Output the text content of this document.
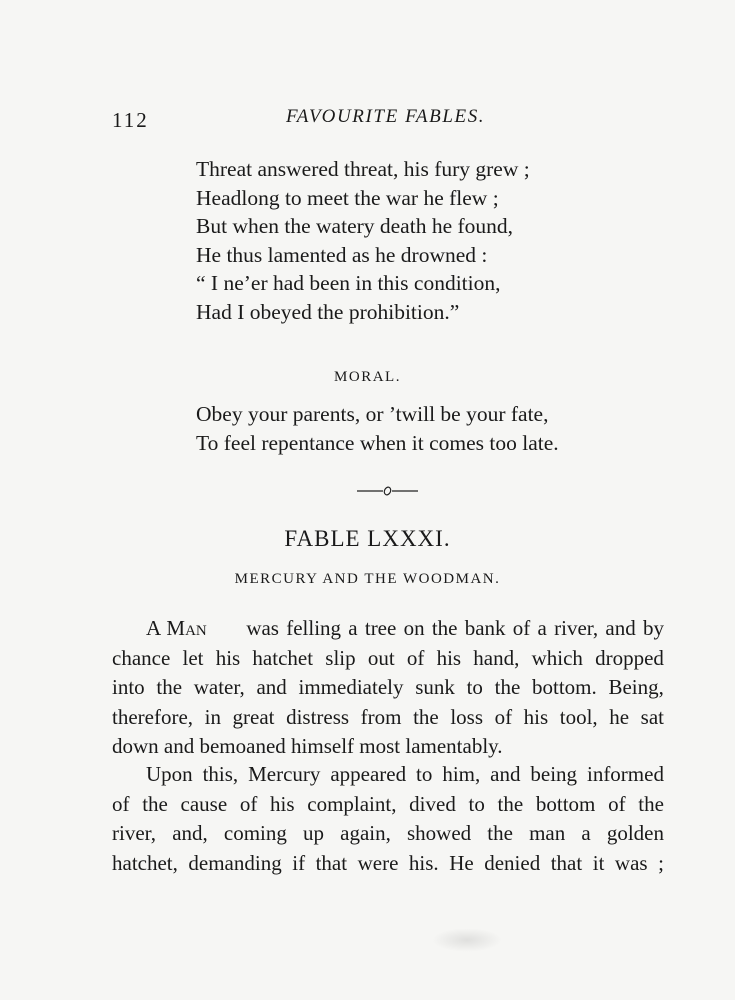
112	FAVOURITE FABLES.
Threat answered threat, his fury grew ;
Headlong to meet the war he flew ;
But when the watery death he found,
He thus lamented as he drowned :
“ I ne’er had been in this condition,
Had I obeyed the prohibition.”
MORAL.
Obey your parents, or ’twill be your fate,
To feel repentance when it comes too late.
FABLE LXXXI.
MERCURY AND THE WOODMAN.
A Man was felling a tree on the bank of a river, and by
chance let his hatchet slip out of his hand, which dropped
into the water, and immediately sunk to the bottom. Being,
therefore, in great distress from the loss of his tool, he sat
down and bemoaned himself most lamentably.
Upon this, Mercury appeared to him, and being informed
of the cause of his complaint, dived to the bottom of the
river, and, coming up again, showed the man a golden
hatchet, demanding if that were his. He denied that it was ;
